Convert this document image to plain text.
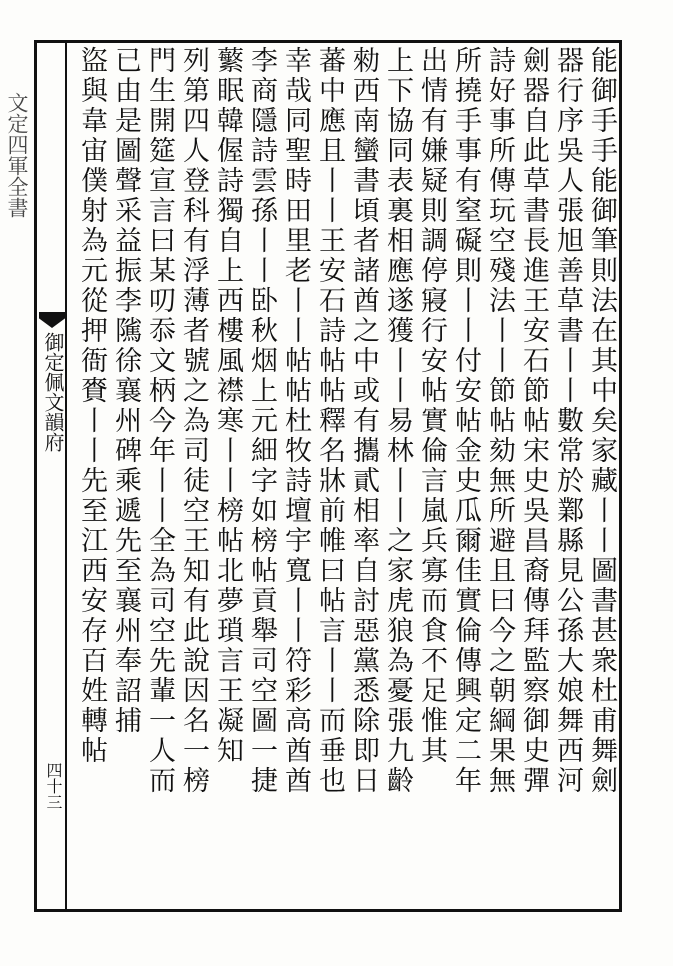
文定四軍全書
御定佩文韻府
四十三	能御手手能御筆則法在其中矣家藏丨丨圖書甚衆杜甫舞劍
器行序吳人張旭善草書丨丨數常於鄴縣見公孫大娘舞西河
劍器自此草書長進王安石節帖宋史吳昌裔傳拜監察御史彈
詩好事所傳玩空殘法丨丨節帖劾無所避且曰今之朝綱果無
所撓手事有窒礙則丨丨付安帖金史瓜爾佳實倫傳興定二年
出情有嫌疑則調停寢行安帖實倫言嵐兵寡而食不足惟其
上下協同表裏相應遂獲丨丨易林丨丨之家虎狼為憂張九齡
勑西南蠻書頃者諸酋之中或有攜貳相率自討惡黨悉除即日
蕃中應且丨丨王安石詩帖帖釋名牀前帷曰帖言丨丨而垂也
幸哉同聖時田里老丨丨帖帖杜牧詩壇宇寬丨丨符彩高酋酋
李商隱詩雲孫丨丨卧秋烟上元細字如榜帖貢舉司空圖一捷
蘩眠韓偓詩獨自上西樓風襟寒丨丨榜帖北夢瑣言王凝知
列第四人登科有浮薄者號之為司徒空王知有此說因名一榜
門生開筵宣言曰某叨忝文柄今年丨丨全為司空先輩一人而
已由是圖聲采益振李隲徐襄州碑乘遞先至襄州奉詔捕
盜與韋宙僕射為元從押衙賚丨丨先至江西安存百姓轉帖
